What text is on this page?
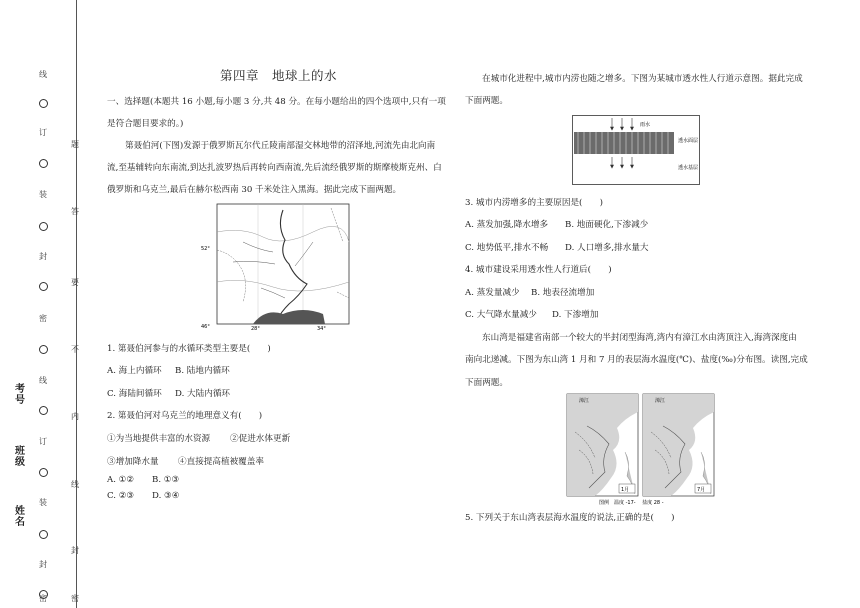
线
订
题
装
答
封
要
密
不
线
内
订
线
装
封
封
密	密
考号
班级
姓名
第四章　地球上的水
一、选择题(本题共 16 小题,每小题 3 分,共 48 分。在每小题给出的四个选项中,只有一项
是符合题目要求的。)
第聂伯河(下图)发源于俄罗斯瓦尔代丘陵南部湿交林地带的沼泽地,河流先由北向南
流,至基辅转向东南流,到达扎波罗热后再转向西南流,先后流经俄罗斯的斯摩棱斯克州、白
俄罗斯和乌克兰,最后在赫尔松西南 30 千米处注入黑海。据此完成下面两题。
52°
46°	28°	34°
1. 第聂伯河参与的水循环类型主要是(　　)
A. 海上内循环 B. 陆地内循环
C. 海陆间循环 D. 大陆内循环
2. 第聂伯河对乌克兰的地理意义有(　　)
①为当地提供丰富的水资源 ②促进水体更新
③增加降水量 ④直接提高植被覆盖率
A. ①② B. ①③
C. ②③ D. ③④
在城市化进程中,城市内涝也随之增多。下图为某城市透水性人行道示意图。据此完成
下面两题。
雨水
透水面层
透水基层
3. 城市内涝增多的主要原因是(　　)
A. 蒸发加强,降水增多 B. 地面硬化,下渗减少
C. 地势低平,排水不畅 D. 人口增多,排水量大
4. 城市建设采用透水性人行道后(　　)
A. 蒸发量减少 B. 地表径流增加
C. 大气降水量减少 D. 下渗增加
东山湾是福建省南部一个较大的半封闭型海湾,湾内有漳江水由湾顶注入,海湾深度由
南向北递减。下图为东山湾 1 月和 7 月的表层海水温度(℃)、盐度(‰)分布图。读图,完成
下面两题。
漳江
1月
漳江
7月
图例　温度 -17- 　盐度 28 -
5. 下列关于东山湾表层海水温度的说法,正确的是(　　)
